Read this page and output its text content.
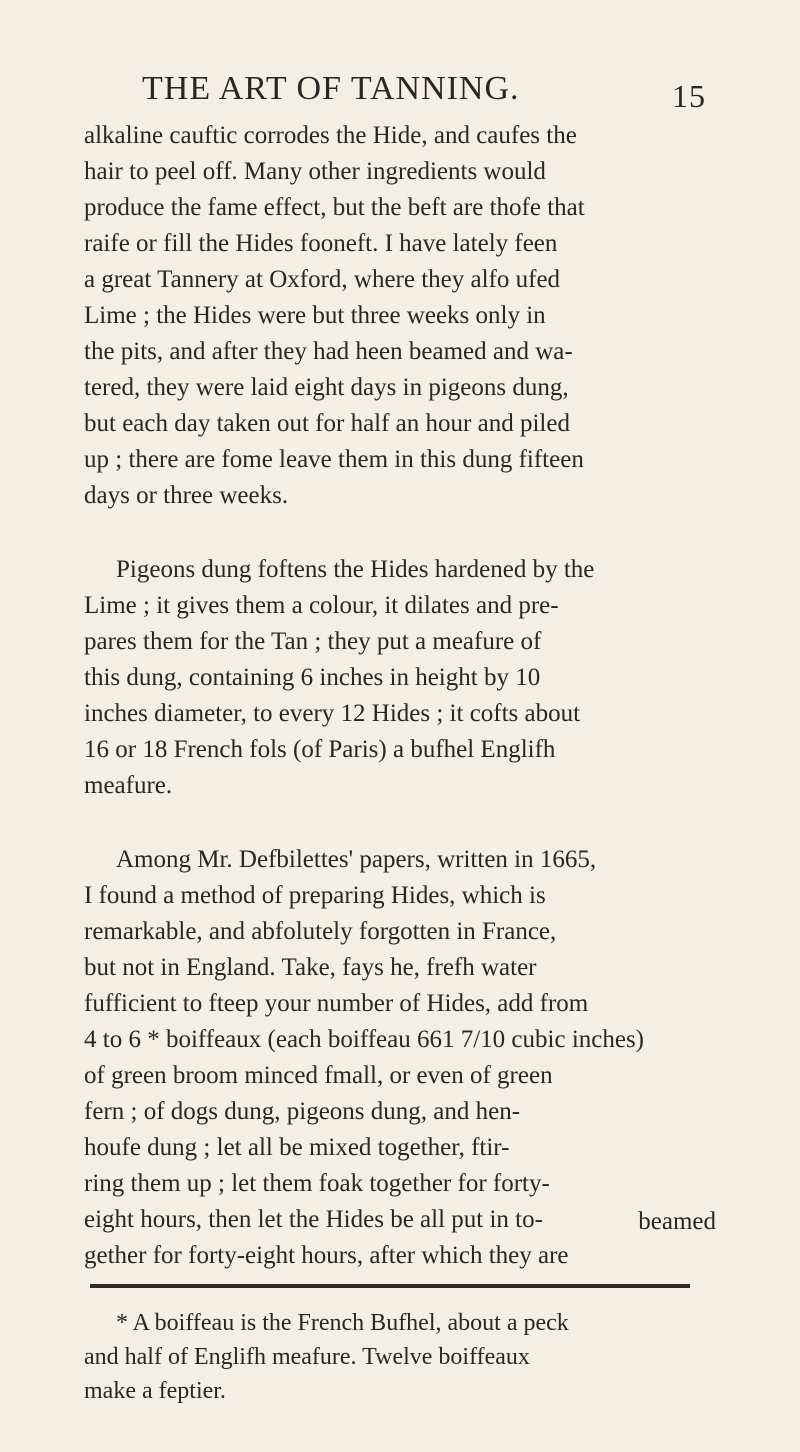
THE ART OF TANNING.	15

alkaline cauftic corrodes the Hide, and caufes the

hair to peel off. Many other ingredients would

produce the fame effect, but the beft are thofe that

raife or fill the Hides fooneft. I have lately feen

a great Tannery at Oxford, where they alfo ufed

Lime ; the Hides were but three weeks only in

the pits, and after they had heen beamed and wa-

tered, they were laid eight days in pigeons dung,

but each day taken out for half an hour and piled

up ; there are fome leave them in this dung fifteen

days or three weeks.

Pigeons dung foftens the Hides hardened by the

Lime ; it gives them a colour, it dilates and pre-

pares them for the Tan ; they put a meafure of

this dung, containing 6 inches in height by 10

inches diameter, to every 12 Hides ; it cofts about

16 or 18 French fols (of Paris) a bufhel Englifh

meafure.

Among Mr. Defbilettes' papers, written in 1665,

I found a method of preparing Hides, which is

remarkable, and abfolutely forgotten in France,

but not in England. Take, fays he, frefh water

fufficient to fteep your number of Hides, add from

4 to 6 * boiffeaux (each boiffeau 661 7/10 cubic inches)

of green broom minced fmall, or even of green

fern ; of dogs dung, pigeons dung, and hen-

houfe dung ; let all be mixed together, ftir-

ring them up ; let them foak together for forty-

eight hours, then let the Hides be all put in to-

gether for forty-eight hours, after which they are

beamed

* A boiffeau is the French Bufhel, about a peck

and half of Englifh meafure. Twelve boiffeaux

make a feptier.
